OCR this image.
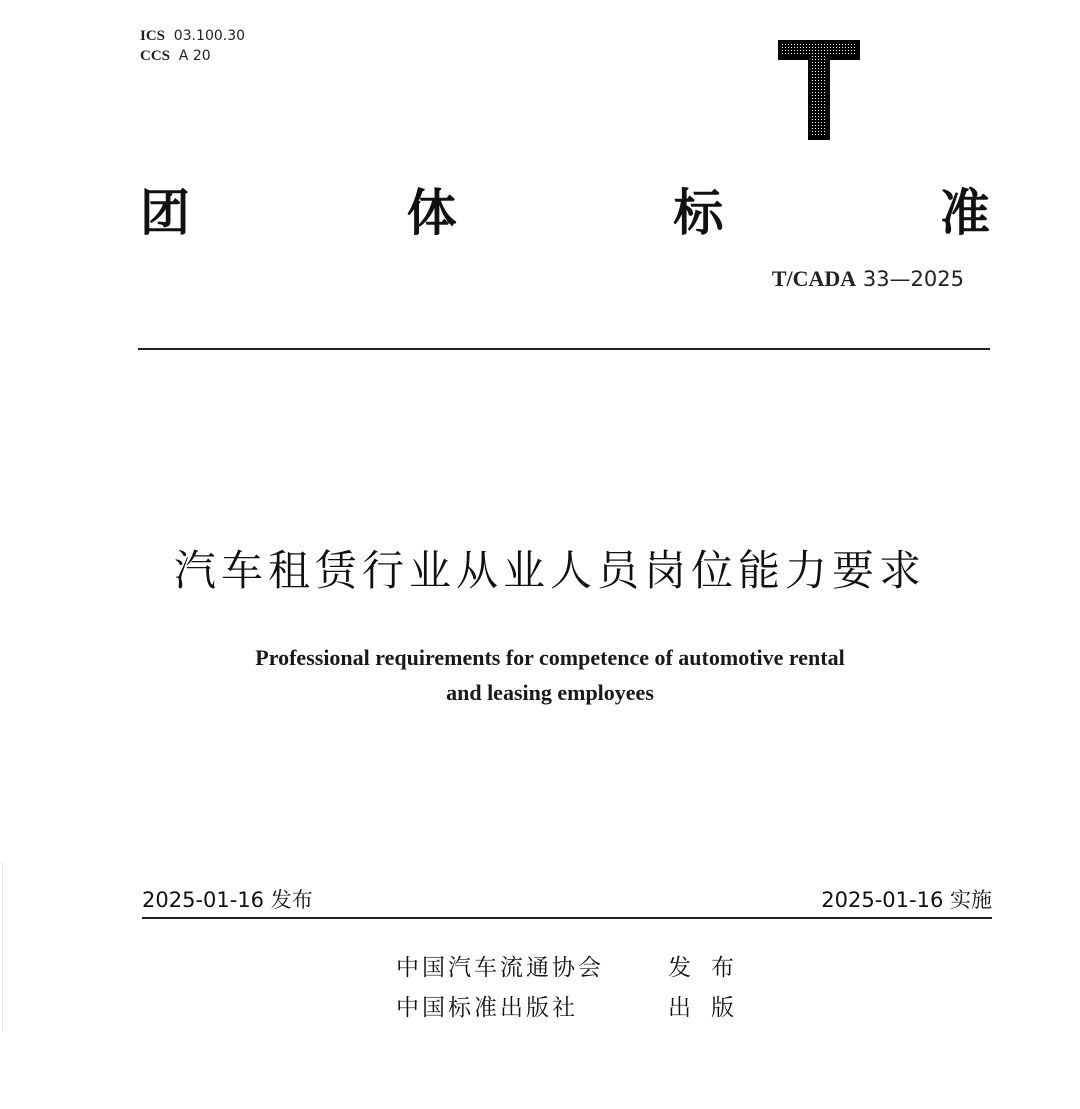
ICS 03.100.30
CCS A 20
团	体	标	准
T/CADA 33—2025
汽车租赁行业从业人员岗位能力要求
Professional requirements for competence of automotive rental
and leasing employees
2025-01-16 发布	2025-01-16 实施
中国汽车流通协会	发布
中国标准出版社	出版
